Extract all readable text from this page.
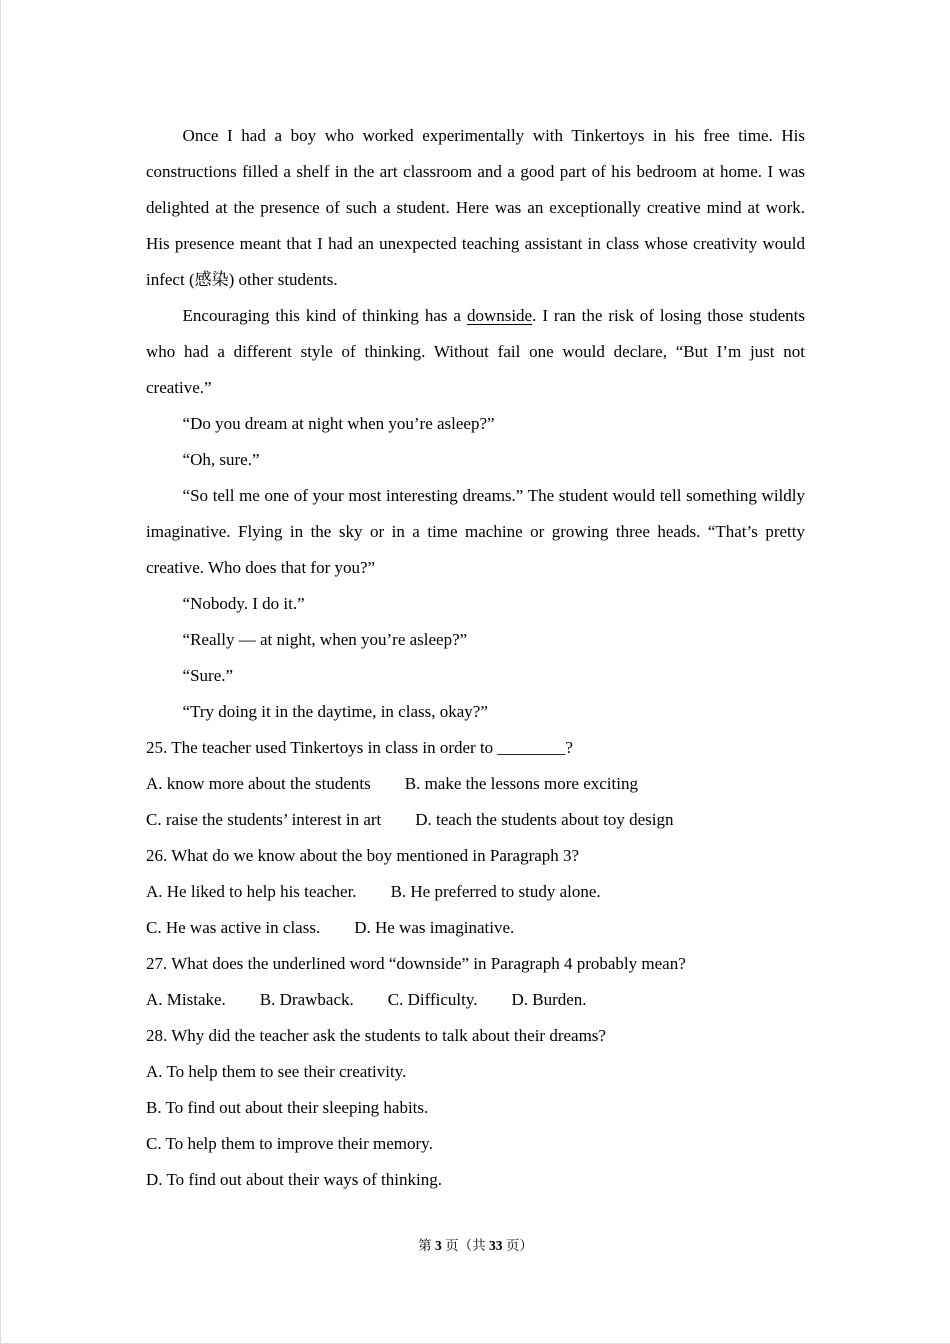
Once I had a boy who worked experimentally with Tinkertoys in his free time. His constructions filled a shelf in the art classroom and a good part of his bedroom at home. I was delighted at the presence of such a student. Here was an exceptionally creative mind at work. His presence meant that I had an unexpected teaching assistant in class whose creativity would infect (感染) other students.

Encouraging this kind of thinking has a downside. I ran the risk of losing those students who had a different style of thinking. Without fail one would declare, “But I’m just not creative.”

“Do you dream at night when you’re asleep?”

“Oh, sure.”

“So tell me one of your most interesting dreams.” The student would tell something wildly imaginative. Flying in the sky or in a time machine or growing three heads. “That’s pretty creative. Who does that for you?”

“Nobody. I do it.”

“Really — at night, when you’re asleep?”

“Sure.”

“Try doing it in the daytime, in class, okay?”

25. The teacher used Tinkertoys in class in order to ________?

A. know more about the students B. make the lessons more exciting

C. raise the students’ interest in art D. teach the students about toy design

26. What do we know about the boy mentioned in Paragraph 3?

A. He liked to help his teacher. B. He preferred to study alone.

C. He was active in class. D. He was imaginative.

27. What does the underlined word “downside” in Paragraph 4 probably mean?

A. Mistake. B. Drawback. C. Difficulty. D. Burden.

28. Why did the teacher ask the students to talk about their dreams?

A. To help them to see their creativity.

B. To find out about their sleeping habits.

C. To help them to improve their memory.

D. To find out about their ways of thinking.

第 3 页（共 33 页）
